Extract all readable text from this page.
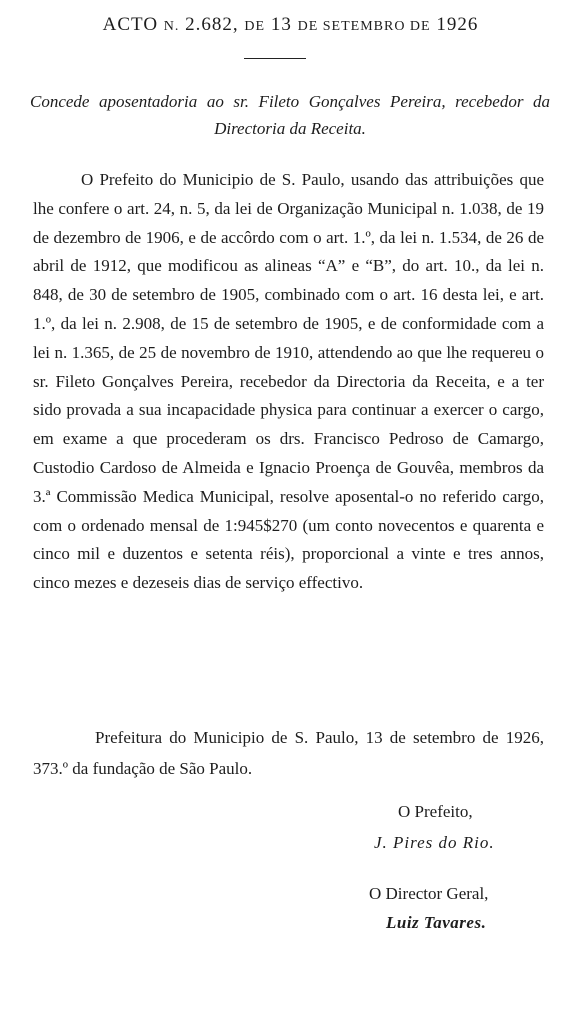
ACTO N. 2.682, DE 13 DE SETEMBRO DE 1926
Concede aposentadoria ao sr. Fileto Gonçalves Pereira, recebedor da Directoria da Receita.

O Prefeito do Municipio de S. Paulo, usando das attribuições que lhe confere o art. 24, n. 5, da lei de Organização Municipal n. 1.038, de 19 de dezembro de 1906, e de accôrdo com o art. 1.º, da lei n. 1.534, de 26 de abril de 1912, que modificou as alineas “A” e “B”, do art. 10., da lei n. 848, de 30 de setembro de 1905, combinado com o art. 16 desta lei, e art. 1.º, da lei n. 2.908, de 15 de setembro de 1905, e de conformidade com a lei n. 1.365, de 25 de novembro de 1910, attendendo ao que lhe requereu o sr. Fileto Gonçalves Pereira, recebedor da Directoria da Receita, e a ter sido provada a sua incapacidade physica para continuar a exercer o cargo, em exame a que procederam os drs. Francisco Pedroso de Camargo, Custodio Cardoso de Almeida e Ignacio Proença de Gouvêa, membros da 3.ª Commissão Medica Municipal, resolve aposental-o no referido cargo, com o ordenado mensal de 1:945$270 (um conto novecentos e quarenta e cinco mil e duzentos e setenta réis), proporcional a vinte e tres annos, cinco mezes e dezeseis dias de serviço effectivo.

Prefeitura do Municipio de S. Paulo, 13 de setembro de 1926, 373.º da fundação de São Paulo.

O Prefeito,
J. Pires do Rio.
O Director Geral,
Luiz Tavares.
